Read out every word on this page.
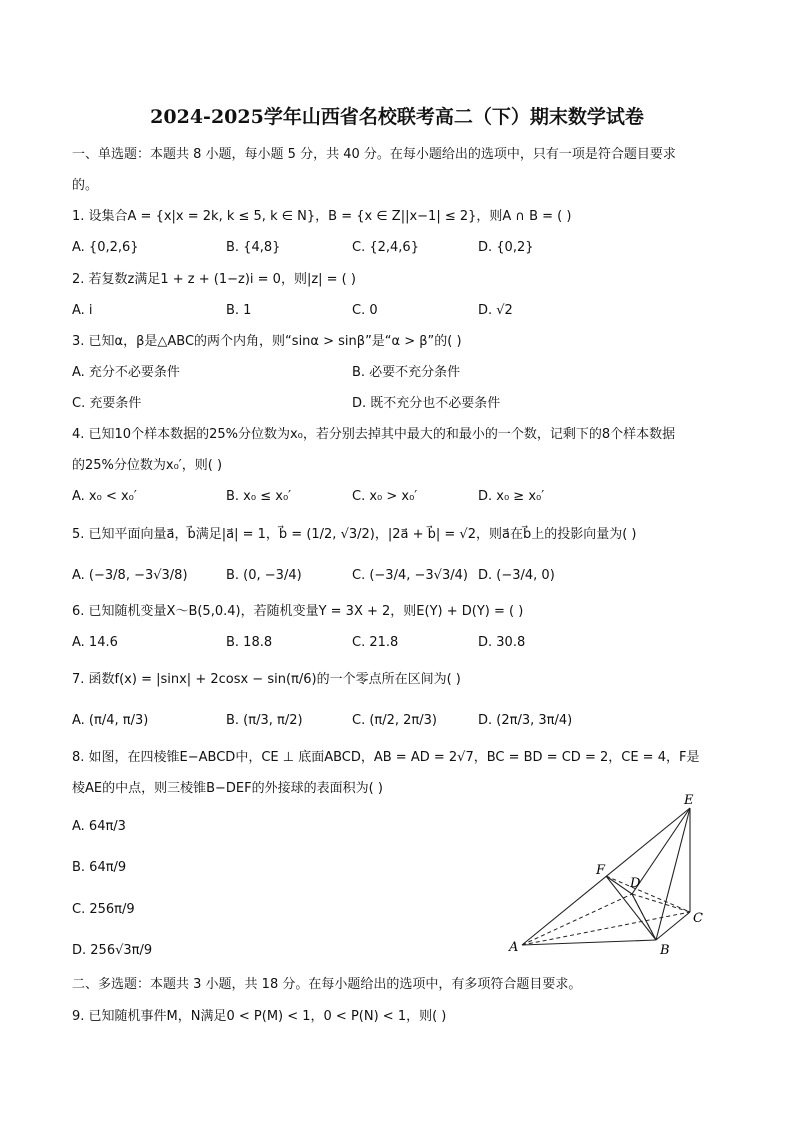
2024-2025学年山西省名校联考高二（下）期末数学试卷
一、单选题：本题共 8 小题，每小题 5 分，共 40 分。在每小题给出的选项中，只有一项是符合题目要求
的。
1. 设集合A = {x|x = 2k, k ≤ 5, k ∈ N}，B = {x ∈ Z||x−1| ≤ 2}，则A ∩ B = ( )
A. {0,2,6}	B. {4,8}	C. {2,4,6}	D. {0,2}
2. 若复数z满足1 + z + (1−z)i = 0，则|z| = ( )
A. i	B. 1	C. 0	D. √2
3. 已知α，β是△ABC的两个内角，则“sinα > sinβ”是“α > β”的( )
A. 充分不必要条件	B. 必要不充分条件
C. 充要条件	D. 既不充分也不必要条件
4. 已知10个样本数据的25%分位数为x₀，若分别去掉其中最大的和最小的一个数，记剩下的8个样本数据
的25%分位数为x₀′，则( )
A. x₀ < x₀′	B. x₀ ≤ x₀′	C. x₀ > x₀′	D. x₀ ≥ x₀′
5. 已知平面向量a⃗，b⃗满足|a⃗| = 1，b⃗ = (1/2, √3/2)，|2a⃗ + b⃗| = √2，则a⃗在b⃗上的投影向量为( )
A. (−3/8, −3√3/8)	B. (0, −3/4)	C. (−3/4, −3√3/4) D. (−3/4, 0)
6. 已知随机变量X～B(5,0.4)，若随机变量Y = 3X + 2，则E(Y) + D(Y) = ( )
A. 14.6	B. 18.8	C. 21.8	D. 30.8
7. 函数f(x) = |sinx| + 2cosx − sin(π/6)的一个零点所在区间为( )
A. (π/4, π/3)	B. (π/3, π/2)	C. (π/2, 2π/3)	D. (2π/3, 3π/4)
8. 如图，在四棱锥E−ABCD中，CE ⊥ 底面ABCD，AB = AD = 2√7，BC = BD = CD = 2，CE = 4，F是
棱AE的中点，则三棱锥B−DEF的外接球的表面积为( )
A. 64π/3
B. 64π/9
C. 256π/9
D. 256√3π/9
E
F
D
C
A	B
二、多选题：本题共 3 小题，共 18 分。在每小题给出的选项中，有多项符合题目要求。
9. 已知随机事件M，N满足0 < P(M) < 1，0 < P(N) < 1，则( )
